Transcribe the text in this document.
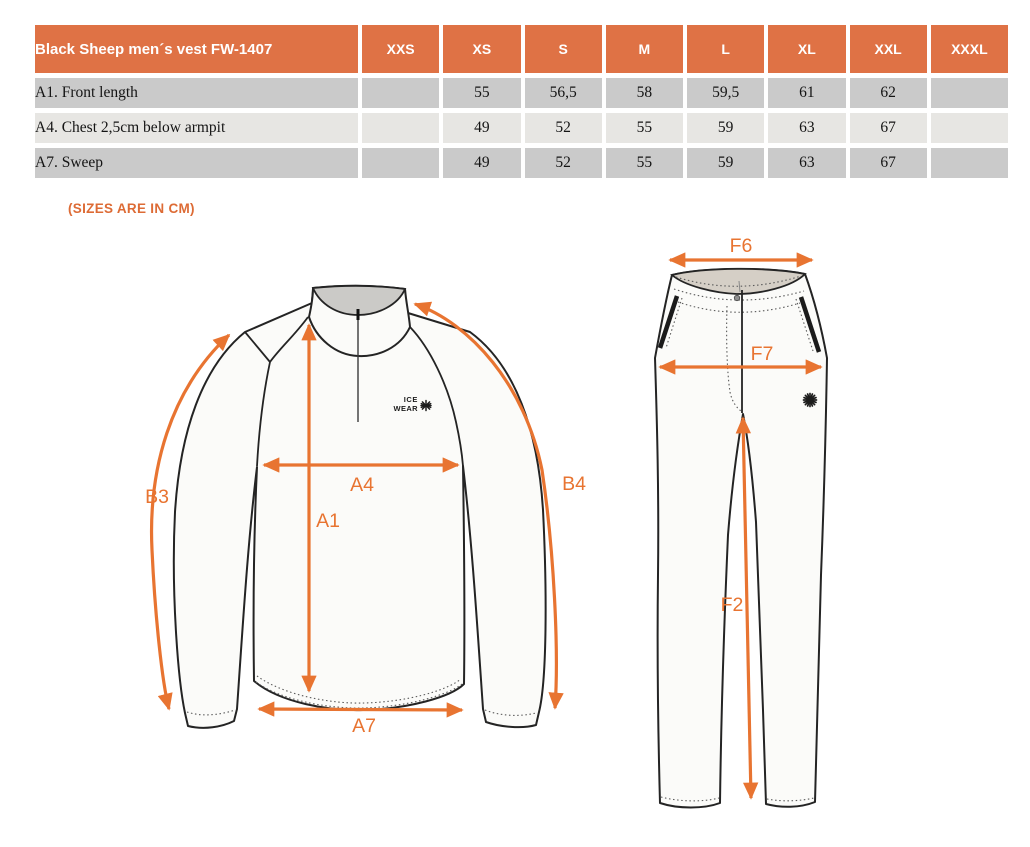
Black Sheep men´s vest FW-1407	XXS	XS	S	M	L	XL	XXL	XXXL
A1. Front length		55	56,5	58	59,5	61	62	
A4. Chest 2,5cm below armpit		49	52	55	59	63	67	
A7. Sweep		49	52	55	59	63	67	
(SIZES ARE IN CM)
ICE
WEAR
B3
B4
A4
A1
A7
F6
F7
F2
